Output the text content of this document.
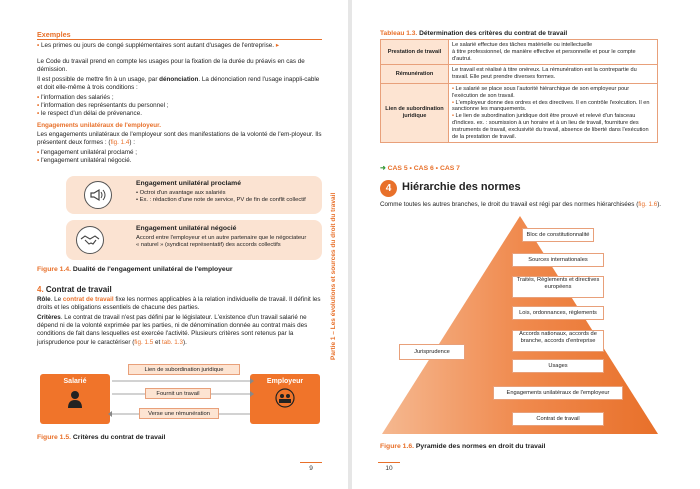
Exemples
• Les primes ou jours de congé supplémentaires sont autant d'usages de l'entreprise. ▸
Le Code du travail prend en compte les usages pour la fixation de la durée du préavis en cas de démission.
Il est possible de mettre fin à un usage, par dénonciation. La dénonciation rend l'usage inappli-cable et doit elle-même à trois conditions :
• l'information des salariés ;
• l'information des représentants du personnel ;
• le respect d'un délai de prévenance.
Engagements unilatéraux de l'employeur.
Les engagements unilatéraux de l'employeur sont des manifestations de la volonté de l'em-ployeur. Ils présentent deux formes : (fig. 1.4) :
• l'engagement unilatéral proclamé ;
• l'engagement unilatéral négocié.
Engagement unilatéral proclamé
• Octroi d'un avantage aux salariés
• Ex. : rédaction d'une note de service, PV de fin de conflit collectif
Engagement unilatéral négocié
Accord entre l'employeur et un autre partenaire que le négociateur
« naturel » (syndicat représentatif) des accords collectifs
Figure 1.4. Dualité de l'engagement unilatéral de l'employeur
4. Contrat de travail
Rôle. Le contrat de travail fixe les normes applicables à la relation individuelle de travail. Il définit les droits et les obligations essentiels de chacune des parties.
Critères. Le contrat de travail n'est pas défini par le législateur. L'existence d'un travail salarié ne dépend ni de la volonté exprimée par les parties, ni de dénomination donnée au contrat mais des conditions de fait dans lesquelles est exercée l'activité. Plusieurs critères sont retenus par la jurisprudence pour le caractériser (fig. 1.5 et tab. 1.3).
Salarié	Employeur
Lien de subordination juridique
Fournit un travail
Verse une rémunération
Figure 1.5. Critères du contrat de travail
9
Partie 1 – Les évolutions et sources du droit du travail
Tableau 1.3. Détermination des critères du contrat de travail
Prestation de travail	Le salarié effectue des tâches matérielle ou intellectuelle
à titre professionnel, de manière effective et personnelle et pour le compte
d'autrui.

Rémunération	Le travail est réalisé à titre onéreux. La rémunération est la contrepartie du
travail. Elle peut prendre diverses formes.

Lien de subordination juridique	• Le salarié se place sous l'autorité hiérarchique de son employeur pour l'exécution de son travail.
• L'employeur donne des ordres et des directives. Il en contrôle l'exécution. Il en sanctionne les manquements.
• Le lien de subordination juridique doit être prouvé et relevé d'un faisceau d'indices. ex. : soumission à un horaire et à un lieu de travail, fourniture des instruments de travail, exclusivité du travail, absence de liberté dans l'exécution de la prestation de travail.
➜ CAS 5 • CAS 6 • CAS 7
4 Hiérarchie des normes
Comme toutes les autres branches, le droit du travail est régi par des normes hiérarchisées (fig. 1.6).
Bloc de constitutionnalité
Sources internationales
Traités, Règlements et directives européens
Lois, ordonnances, règlements
Accords nationaux, accords de branche, accords d'entreprise
Usages
Engagements unilatéraux de l'employeur
Contrat de travail
Jurisprudence
Figure 1.6. Pyramide des normes en droit du travail
10
